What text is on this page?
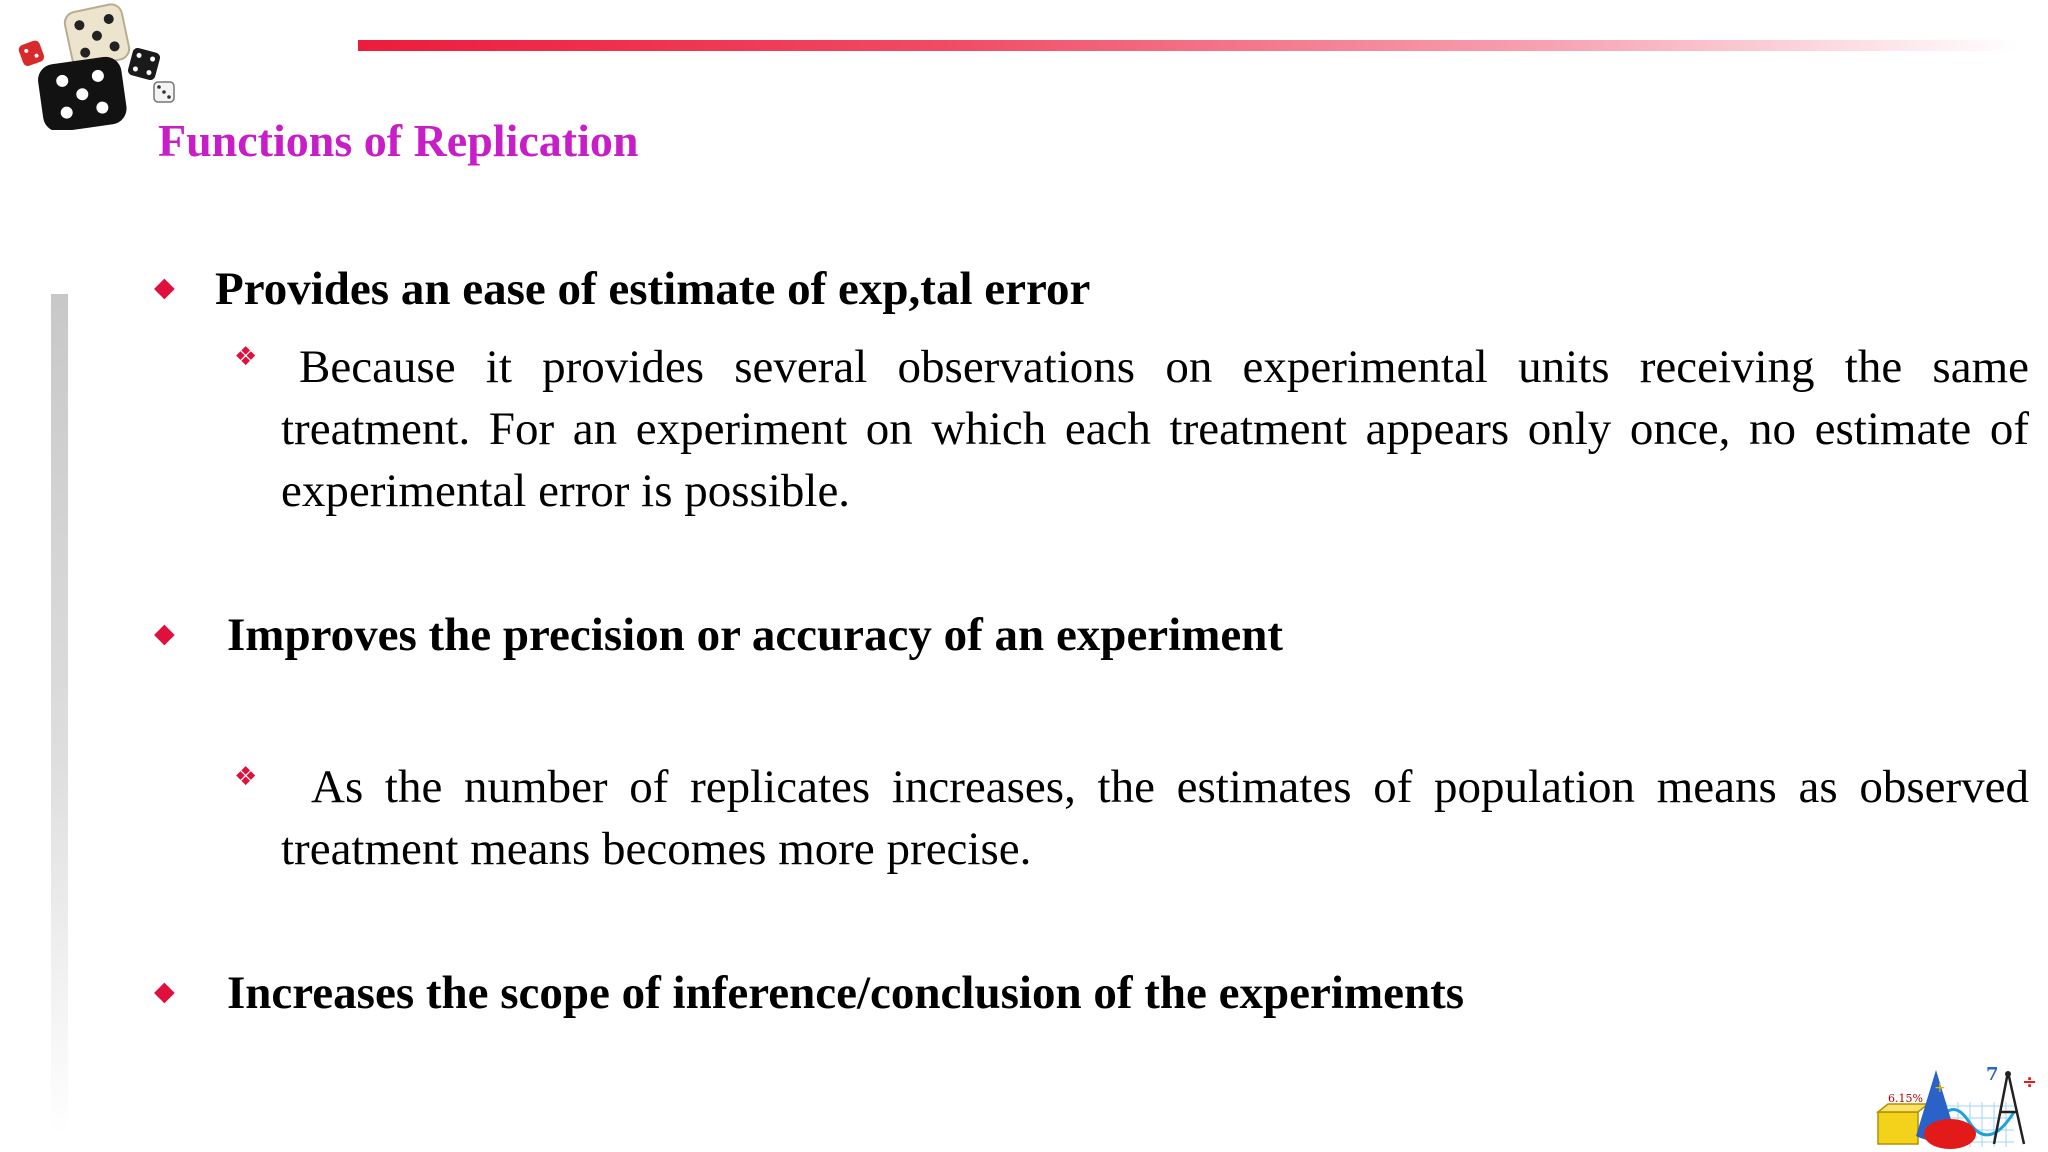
Functions of Replication
◆ Provides an ease of estimate of exp,tal error

❖ Because it provides several observations on experimental units receiving the same treatment. For an experiment on which each treatment appears only once, no estimate of experimental error is possible.

◆ Improves the precision or accuracy of an experiment

❖	As the number of replicates increases, the estimates of population means as observed treatment means becomes more precise.

◆ Increases the scope of inference/conclusion of the experiments

÷
+
6.15%
7
